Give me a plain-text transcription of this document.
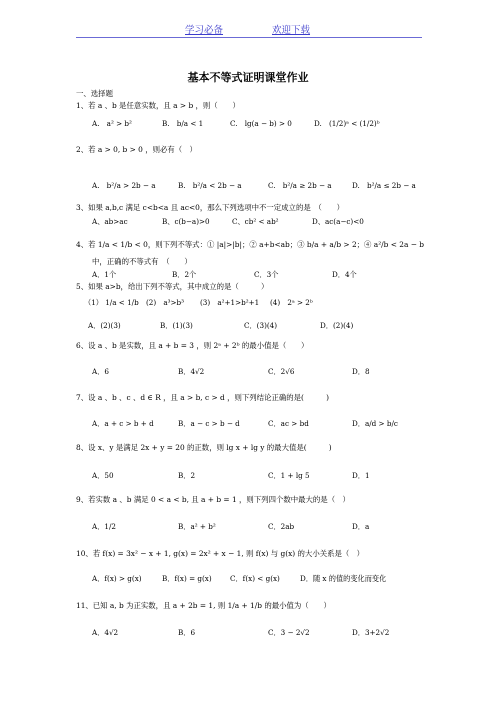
学习必备	欢迎下载
基本不等式证明课堂作业
一、选择题
1、若 a 、b 是任意实数，且 a > b ，则（　　）
A.　a² > b²	B.　b/a < 1	C.　lg(a − b) > 0	D.　(1/2)ᵃ < (1/2)ᵇ
2、若 a > 0, b > 0 ，则必有（　）
A.　b²/a > 2b − a	B.　b²/a < 2b − a	C.　b²/a ≥ 2b − a	D.　b²/a ≤ 2b − a
3、如果 a,b,c 满足 c<b<a 且 ac<0，那么下列选项中不一定成立的是　（　　）
A、ab>ac	B、c(b−a)>0	C、cb² < ab²	D、ac(a−c)<0
4、若 1/a < 1/b < 0，则下列不等式：① |a|>|b|；② a+b<ab；③ b/a + a/b > 2；④ a²/b < 2a − b
中，正确的不等式有　（　　）
A．1个	B．2个	C．3个	D．4个
5、如果 a>b，给出下列不等式，其中成立的是（　　　）
（1） 1/a < 1/b (2)　a³>b³ (3)　a²+1>b²+1 (4)　2ᵃ > 2ᵇ
A．(2)(3)	B．(1)(3)	C．(3)(4)	D．(2)(4)
6、设 a 、b 是实数，且 a + b = 3 ，则 2ᵃ + 2ᵇ 的最小值是（　　）
A．6	B．4√2	C．2√6	D．8
7、设 a 、b 、c 、d ∈ R ，且 a > b, c > d ，则下列结论正确的是(　　　)
A．a + c > b + d	B．a − c > b − d	C．ac > bd	D．a/d > b/c
8、设 x、y 是满足 2x + y = 20 的正数，则 lg x + lg y 的最大值是(　　　)
A．50	B．2	C．1 + lg 5	D．1
9、若实数 a 、b 满足 0 < a < b, 且 a + b = 1 ，则下列四个数中最大的是（　）
A．1/2	B．a² + b²	C．2ab	D．a
10、若 f(x) = 3x² − x + 1, g(x) = 2x² + x − 1, 则 f(x) 与 g(x) 的大小关系是（　）
A．f(x) > g(x)	B．f(x) = g(x)	C．f(x) < g(x)	D．随 x 的值的变化而变化
11、已知 a, b 为正实数，且 a + 2b = 1, 则 1/a + 1/b 的最小值为（　　）
A．4√2	B．6	C．3 − 2√2	D．3+2√2
